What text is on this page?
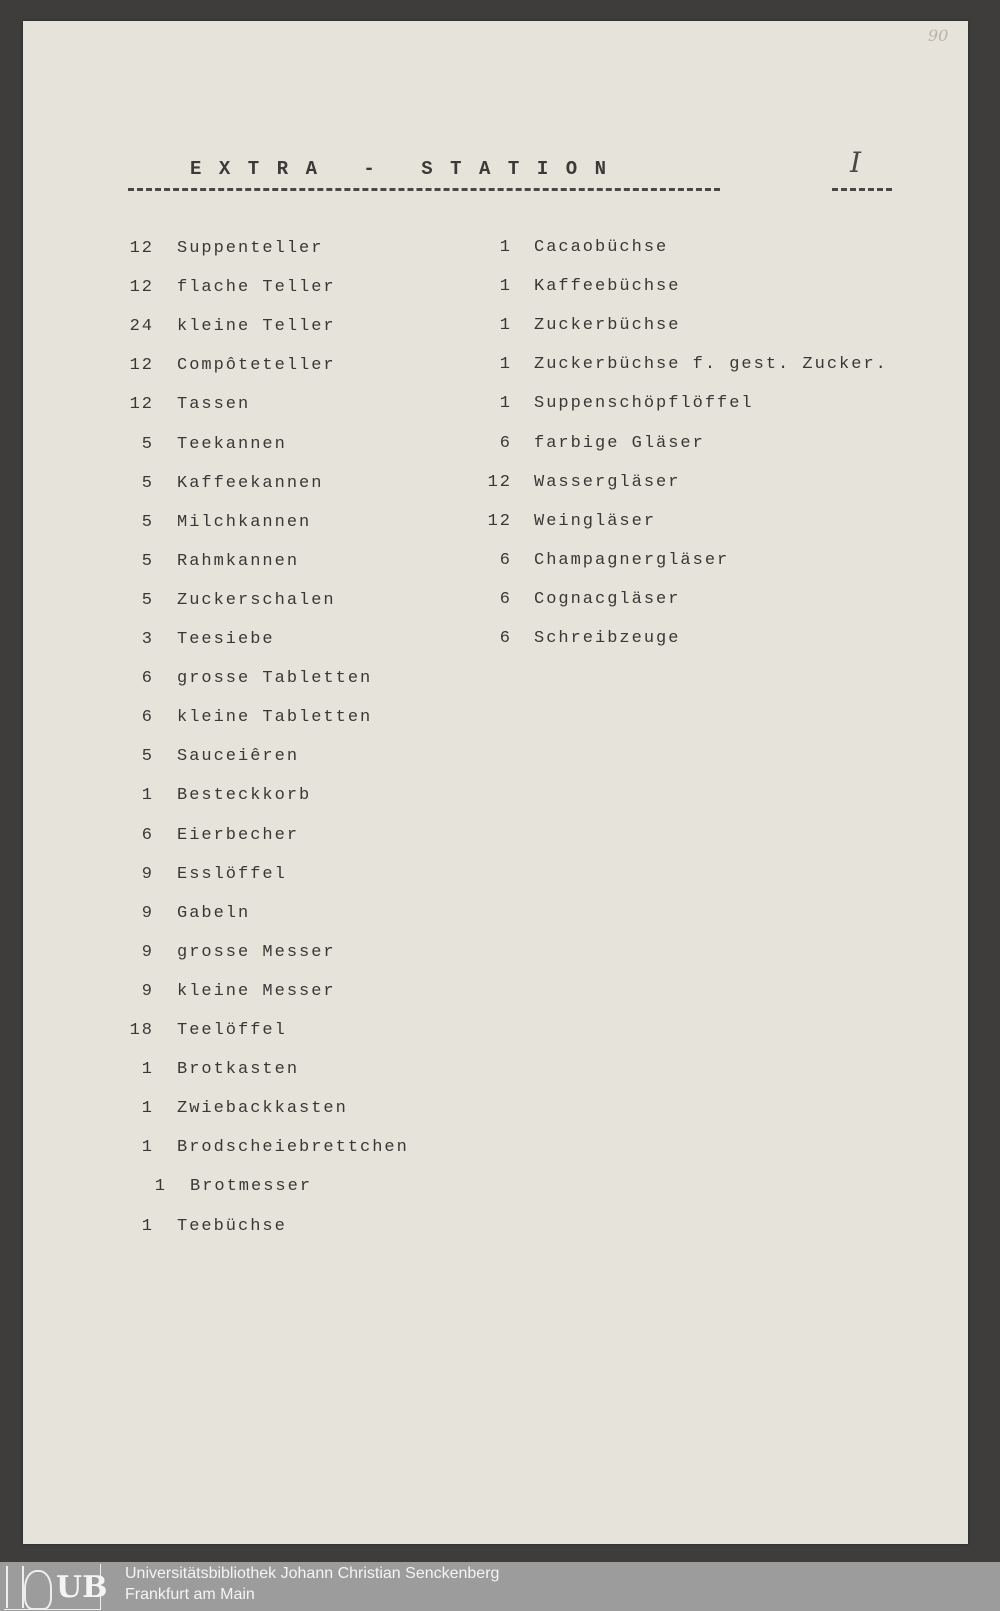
90
EXTRA - STATION	I
12 Suppenteller
12 flache Teller
24 kleine Teller
12 Compôteteller
12 Tassen
5 Teekannen
5 Kaffeekannen
5 Milchkannen
5 Rahmkannen
5 Zuckerschalen
3 Teesiebe
6 grosse Tabletten
6 kleine Tabletten
5 Sauceiêren
1 Besteckkorb
6 Eierbecher
9 Esslöffel
9 Gabeln
9 grosse Messer
9 kleine Messer
18 Teelöffel
1 Brotkasten
1 Zwiebackkasten
1 Brodscheiebrettchen
1 Brotmesser
1 Teebüchse
1 Cacaobüchse
1 Kaffeebüchse
1 Zuckerbüchse
1 Zuckerbüchse f. gest. Zucker.
1 Suppenschöpflöffel
6 farbige Gläser
12 Wassergläser
12 Weingläser
6 Champagnergläser
6 Cognacgläser
6 Schreibzeuge
UB Universitätsbibliothek Johann Christian Senckenberg
Frankfurt am Main
